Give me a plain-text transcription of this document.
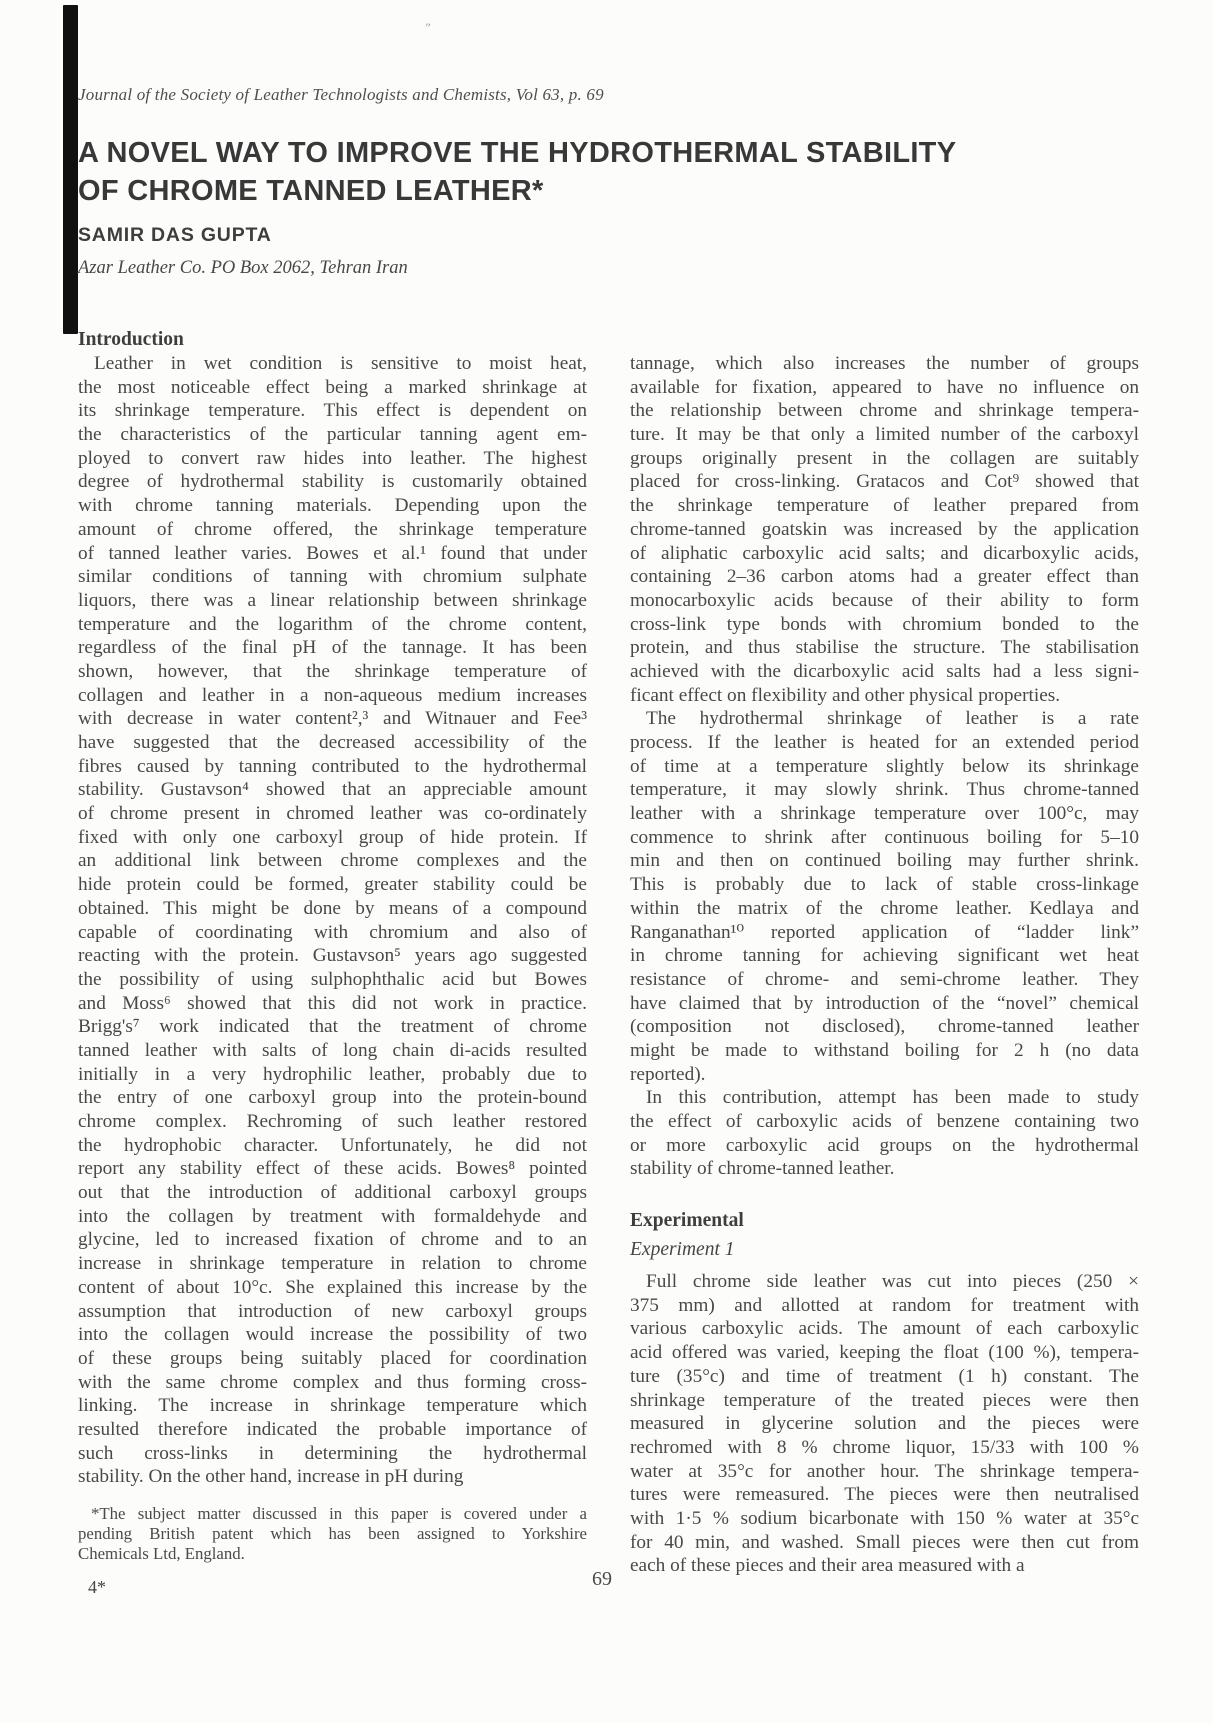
ʺ
Journal of the Society of Leather Technologists and Chemists, Vol 63, p. 69
A NOVEL WAY TO IMPROVE THE HYDROTHERMAL STABILITY
OF CHROME TANNED LEATHER*
SAMIR DAS GUPTA
Azar Leather Co. PO Box 2062, Tehran Iran
Introduction
Leather in wet condition is sensitive to moist heat,
the most noticeable effect being a marked shrinkage at
its shrinkage temperature. This effect is dependent on
the characteristics of the particular tanning agent em-
ployed to convert raw hides into leather. The highest
degree of hydrothermal stability is customarily obtained
with chrome tanning materials. Depending upon the
amount of chrome offered, the shrinkage temperature
of tanned leather varies. Bowes et al.¹ found that under
similar conditions of tanning with chromium sulphate
liquors, there was a linear relationship between shrinkage
temperature and the logarithm of the chrome content,
regardless of the final pH of the tannage. It has been
shown, however, that the shrinkage temperature of
collagen and leather in a non-aqueous medium increases
with decrease in water content²,³ and Witnauer and Fee³
have suggested that the decreased accessibility of the
fibres caused by tanning contributed to the hydrothermal
stability. Gustavson⁴ showed that an appreciable amount
of chrome present in chromed leather was co-ordinately
fixed with only one carboxyl group of hide protein. If
an additional link between chrome complexes and the
hide protein could be formed, greater stability could be
obtained. This might be done by means of a compound
capable of coordinating with chromium and also of
reacting with the protein. Gustavson⁵ years ago suggested
the possibility of using sulphophthalic acid but Bowes
and Moss⁶ showed that this did not work in practice.
Brigg's⁷ work indicated that the treatment of chrome
tanned leather with salts of long chain di-acids resulted
initially in a very hydrophilic leather, probably due to
the entry of one carboxyl group into the protein-bound
chrome complex. Rechroming of such leather restored
the hydrophobic character. Unfortunately, he did not
report any stability effect of these acids. Bowes⁸ pointed
out that the introduction of additional carboxyl groups
into the collagen by treatment with formaldehyde and
glycine, led to increased fixation of chrome and to an
increase in shrinkage temperature in relation to chrome
content of about 10°c. She explained this increase by the
assumption that introduction of new carboxyl groups
into the collagen would increase the possibility of two
of these groups being suitably placed for coordination
with the same chrome complex and thus forming cross-
linking. The increase in shrinkage temperature which
resulted therefore indicated the probable importance of
such cross-links in determining the hydrothermal
stability. On the other hand, increase in pH during
tannage, which also increases the number of groups
available for fixation, appeared to have no influence on
the relationship between chrome and shrinkage tempera-
ture. It may be that only a limited number of the carboxyl
groups originally present in the collagen are suitably
placed for cross-linking. Gratacos and Cot⁹ showed that
the shrinkage temperature of leather prepared from
chrome-tanned goatskin was increased by the application
of aliphatic carboxylic acid salts; and dicarboxylic acids,
containing 2–36 carbon atoms had a greater effect than
monocarboxylic acids because of their ability to form
cross-link type bonds with chromium bonded to the
protein, and thus stabilise the structure. The stabilisation
achieved with the dicarboxylic acid salts had a less signi-
ficant effect on flexibility and other physical properties.
The hydrothermal shrinkage of leather is a rate
process. If the leather is heated for an extended period
of time at a temperature slightly below its shrinkage
temperature, it may slowly shrink. Thus chrome-tanned
leather with a shrinkage temperature over 100°c, may
commence to shrink after continuous boiling for 5–10
min and then on continued boiling may further shrink.
This is probably due to lack of stable cross-linkage
within the matrix of the chrome leather. Kedlaya and
Ranganathan¹⁰ reported application of “ladder link”
in chrome tanning for achieving significant wet heat
resistance of chrome- and semi-chrome leather. They
have claimed that by introduction of the “novel” chemical
(composition not disclosed), chrome-tanned leather
might be made to withstand boiling for 2 h (no data
reported).
In this contribution, attempt has been made to study
the effect of carboxylic acids of benzene containing two
or more carboxylic acid groups on the hydrothermal
stability of chrome-tanned leather.
Experimental
Experiment 1
Full chrome side leather was cut into pieces (250 ×
375 mm) and allotted at random for treatment with
various carboxylic acids. The amount of each carboxylic
acid offered was varied, keeping the float (100 %), tempera-
ture (35°c) and time of treatment (1 h) constant. The
shrinkage temperature of the treated pieces were then
measured in glycerine solution and the pieces were
rechromed with 8 % chrome liquor, 15/33 with 100 %
water at 35°c for another hour. The shrinkage tempera-
tures were remeasured. The pieces were then neutralised
with 1·5 % sodium bicarbonate with 150 % water at 35°c
for 40 min, and washed. Small pieces were then cut from
each of these pieces and their area measured with a
*The subject matter discussed in this paper is covered under a
pending British patent which has been assigned to Yorkshire
Chemicals Ltd, England.
4*	69
